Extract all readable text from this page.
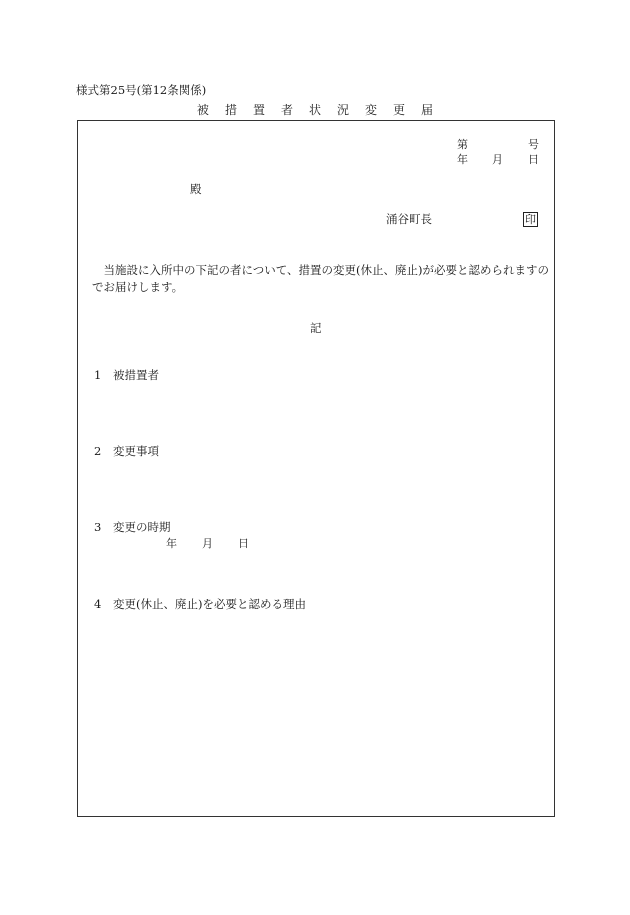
様式第25号(第12条関係)
被 措 置 者 状 況 変 更 届
第	号
年 月 日
殿
涌谷町長	印
当施設に入所中の下記の者について、措置の変更(休止、廃止)が必要と認められますのでお届けします。
記
1 被措置者
2 変更事項
3 変更の時期
年 月 日
4 変更(休止、廃止)を必要と認める理由
